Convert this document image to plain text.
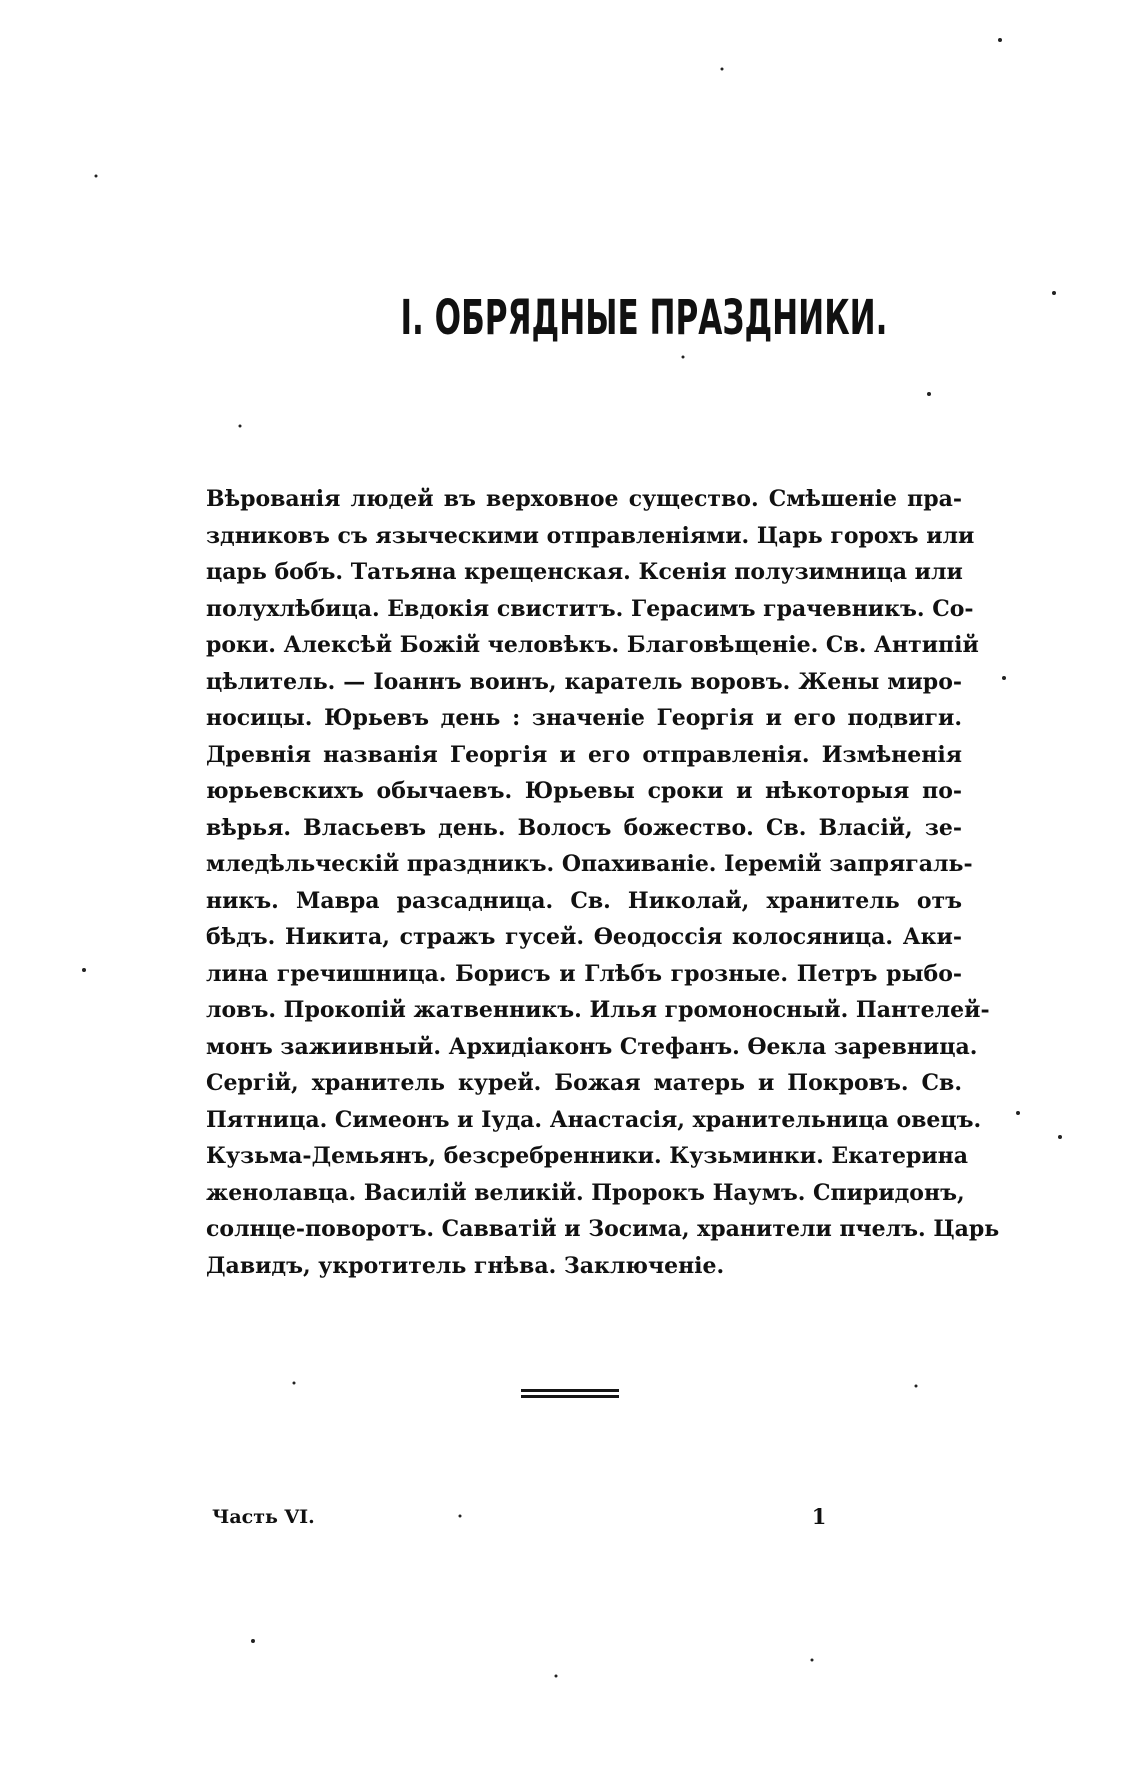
I. ОБРЯДНЫЕ ПРАЗДНИКИ.
Вѣрованія людей въ верховное существо. Смѣшеніе пра-
здниковъ съ языческими отправленіями. Царь горохъ или
царь бобъ. Татьяна крещенская. Ксенія полузимница или
полухлѣбица. Евдокія свиститъ. Герасимъ грачевникъ. Со-
роки. Алексѣй Божій человѣкъ. Благовѣщеніе. Св. Антипій
цѣлитель. — Іоаннъ воинъ, каратель воровъ. Жены миро-
носицы. Юрьевъ день : значеніе Георгія и его подвиги.
Древнія названія Георгія и его отправленія. Измѣненія
юрьевскихъ обычаевъ. Юрьевы сроки и нѣкоторыя по-
вѣрья. Власьевъ день. Волосъ божество. Св. Власій, зе-
мледѣльческій праздникъ. Опахиваніе. Іеремій запрягаль-
никъ. Мавра разсадница. Св. Николай, хранитель отъ
бѣдъ. Никита, стражъ гусей. Ѳеодоссія колосяница. Аки-
лина гречишница. Борисъ и Глѣбъ грозные. Петръ рыбо-
ловъ. Прокопій жатвенникъ. Илья громоносный. Пантелей-
монъ зажиивный. Архидіаконъ Стефанъ. Ѳекла заревница.
Сергій, хранитель курей. Божая матерь и Покровъ. Св.
Пятница. Симеонъ и Іуда. Анастасія, хранительница овецъ.
Кузьма-Демьянъ, безсребренники. Кузьминки. Екатерина
женолавца. Василій великій. Пророкъ Наумъ. Спиридонъ,
солнце-поворотъ. Савватій и Зосима, хранители пчелъ. Царь
Давидъ, укротитель гнѣва. Заключеніе.

Часть VI.	1
